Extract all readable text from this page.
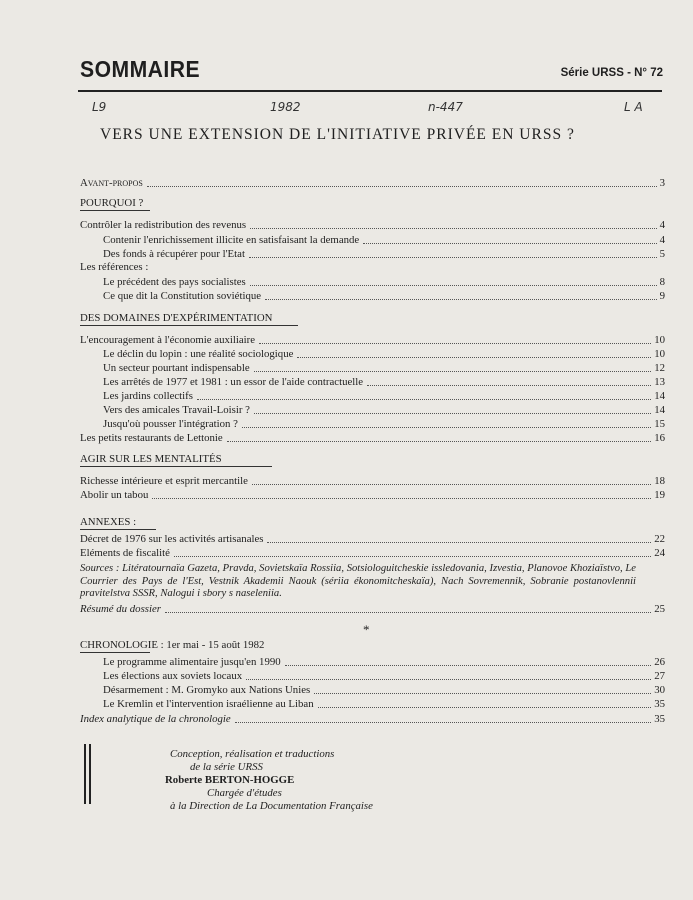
SOMMAIRE	Série URSS - N° 72
L9	1982	n-447	L A
VERS UNE EXTENSION DE L'INITIATIVE PRIVÉE EN URSS ?
Avant-propos	3
POURQUOI ?
Contrôler la redistribution des revenus	4
Contenir l'enrichissement illicite en satisfaisant la demande	4
Des fonds à récupérer pour l'Etat	5
Les références :
Le précédent des pays socialistes	8
Ce que dit la Constitution soviétique	9
DES DOMAINES D'EXPÉRIMENTATION
L'encouragement à l'économie auxiliaire	10
Le déclin du lopin : une réalité sociologique	10
Un secteur pourtant indispensable	12
Les arrêtés de 1977 et 1981 : un essor de l'aide contractuelle	13
Les jardins collectifs	14
Vers des amicales Travail-Loisir ?	14
Jusqu'où pousser l'intégration ?	15
Les petits restaurants de Lettonie	16
AGIR SUR LES MENTALITÉS
Richesse intérieure et esprit mercantile	18
Abolir un tabou	19
ANNEXES :
Décret de 1976 sur les activités artisanales	22
Eléments de fiscalité	24
Sources : Litératournaïa Gazeta, Pravda, Sovietskaïa Rossiia, Sotsiologuitcheskie issledovania, Izvestia, Planovoe Khoziaïstvo, Le Courrier des Pays de l'Est, Vestnik Akademii Naouk (sériia ékonomitcheskaïa), Nach Sovremennik, Sobranie postanovlennii pravitelstva SSSR, Nalogui i sbory s naseleniia.
Résumé du dossier	25
*
CHRONOLOGIE : 1er mai - 15 août 1982
Le programme alimentaire jusqu'en 1990	26
Les élections aux soviets locaux	27
Désarmement : M. Gromyko aux Nations Unies	30
Le Kremlin et l'intervention israélienne au Liban	35
Index analytique de la chronologie	35
Conception, réalisation et traductions
de la série URSS
Roberte BERTON-HOGGE
Chargée d'études
à la Direction de La Documentation Française
